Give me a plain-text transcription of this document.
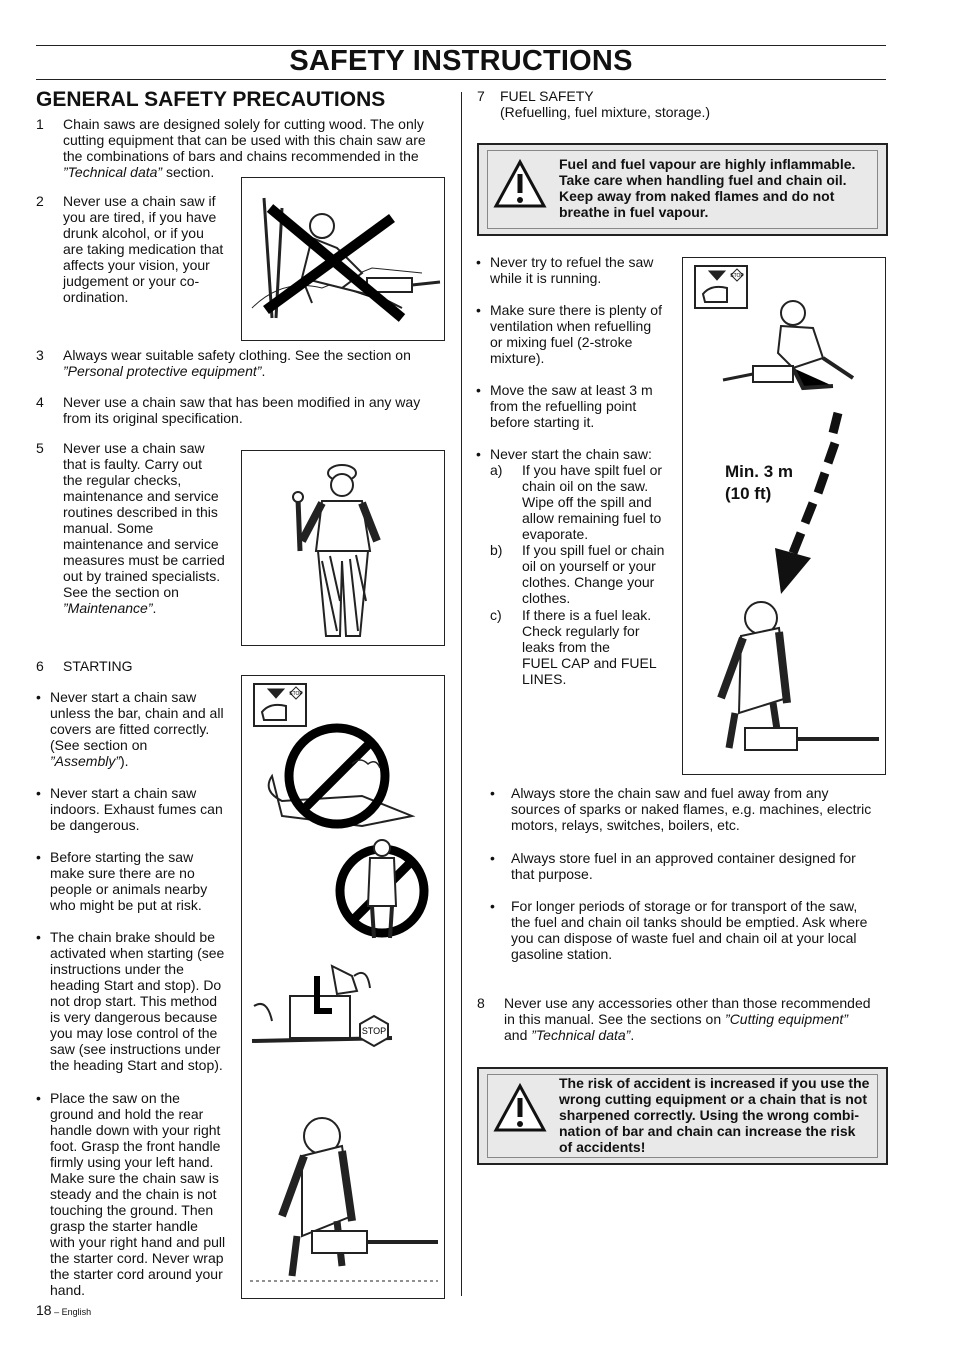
SAFETY INSTRUCTIONS
GENERAL SAFETY PRECAUTIONS
1 Chain saws are designed solely for cutting wood. The only

cutting equipment that can be used with this chain saw are

the combinations of bars and chains recommended in the

”Technical data” section.

2 Never use a chain saw if

you are tired, if you have

drunk alcohol, or if you

are taking medication that

affects your vision, your

judgement or your co-

ordination.

3 Always wear suitable safety clothing. See the section on

”Personal protective equipment”.

4 Never use a chain saw that has been modified in any way

from its original specification.

5 Never use a chain saw

that is faulty. Carry out

the regular checks,

maintenance and service

routines described in this

manual. Some

maintenance and service

measures must be carried

out by trained specialists.

See the section on

”Maintenance”.

6 STARTING
• Never start a chain saw

unless the bar, chain and all

covers are fitted correctly.

(See section on

”Assembly”).

• Never start a chain saw

indoors. Exhaust fumes can

be dangerous.

• Before starting the saw

make sure there are no

people or animals nearby

who might be put at risk.

• The chain brake should be

activated when starting (see

instructions under the

heading Start and stop). Do

not drop start. This method

is very dangerous because

you may lose control of the

saw (see instructions under

the heading Start and stop).

• Place the saw on the

ground and hold the rear

handle down with your right

foot. Grasp the front handle

firmly using your left hand.

Make sure the chain saw is

steady and the chain is not

touching the ground. Then

grasp the starter handle

with your right hand and pull

the starter cord. Never wrap

the starter cord around your

hand.

STOP
STOP
7 FUEL SAFETY

(Refuelling, fuel mixture, storage.)

Fuel and fuel vapour are highly inflammable.
Take care when handling fuel and chain oil.
Keep away from naked flames and do not
breathe in fuel vapour.
• Never try to refuel the saw

while it is running.

• Make sure there is plenty of

ventilation when refuelling

or mixing fuel (2-stroke

mixture).

• Move the saw at least 3 m

from the refuelling point

before starting it.

• Never start the chain saw:

a) If you have spilt fuel or

chain oil on the saw.

Wipe off the spill and

allow remaining fuel to

evaporate.

b) If you spill fuel or chain

oil on yourself or your

clothes. Change your

clothes.

c) If there is a fuel leak.

Check regularly for

leaks from the

FUEL CAP and FUEL

LINES.

STOP
Min. 3 m
(10 ft)
• Always store the chain saw and fuel away from any

sources of sparks or naked flames, e.g. machines, electric

motors, relays, switches, boilers, etc.

• Always store fuel in an approved container designed for

that purpose.

• For longer periods of storage or for transport of the saw,

the fuel and chain oil tanks should be emptied. Ask where

you can dispose of waste fuel and chain oil at your local

gasoline station.

8 Never use any accessories other than those recommended

in this manual. See the sections on ”Cutting equipment”

and ”Technical data”.

The risk of accident is increased if you use the
wrong cutting equipment or a chain that is not
sharpened correctly. Using the wrong combi-
nation of bar and chain can increase the risk
of accidents!
18 – English
